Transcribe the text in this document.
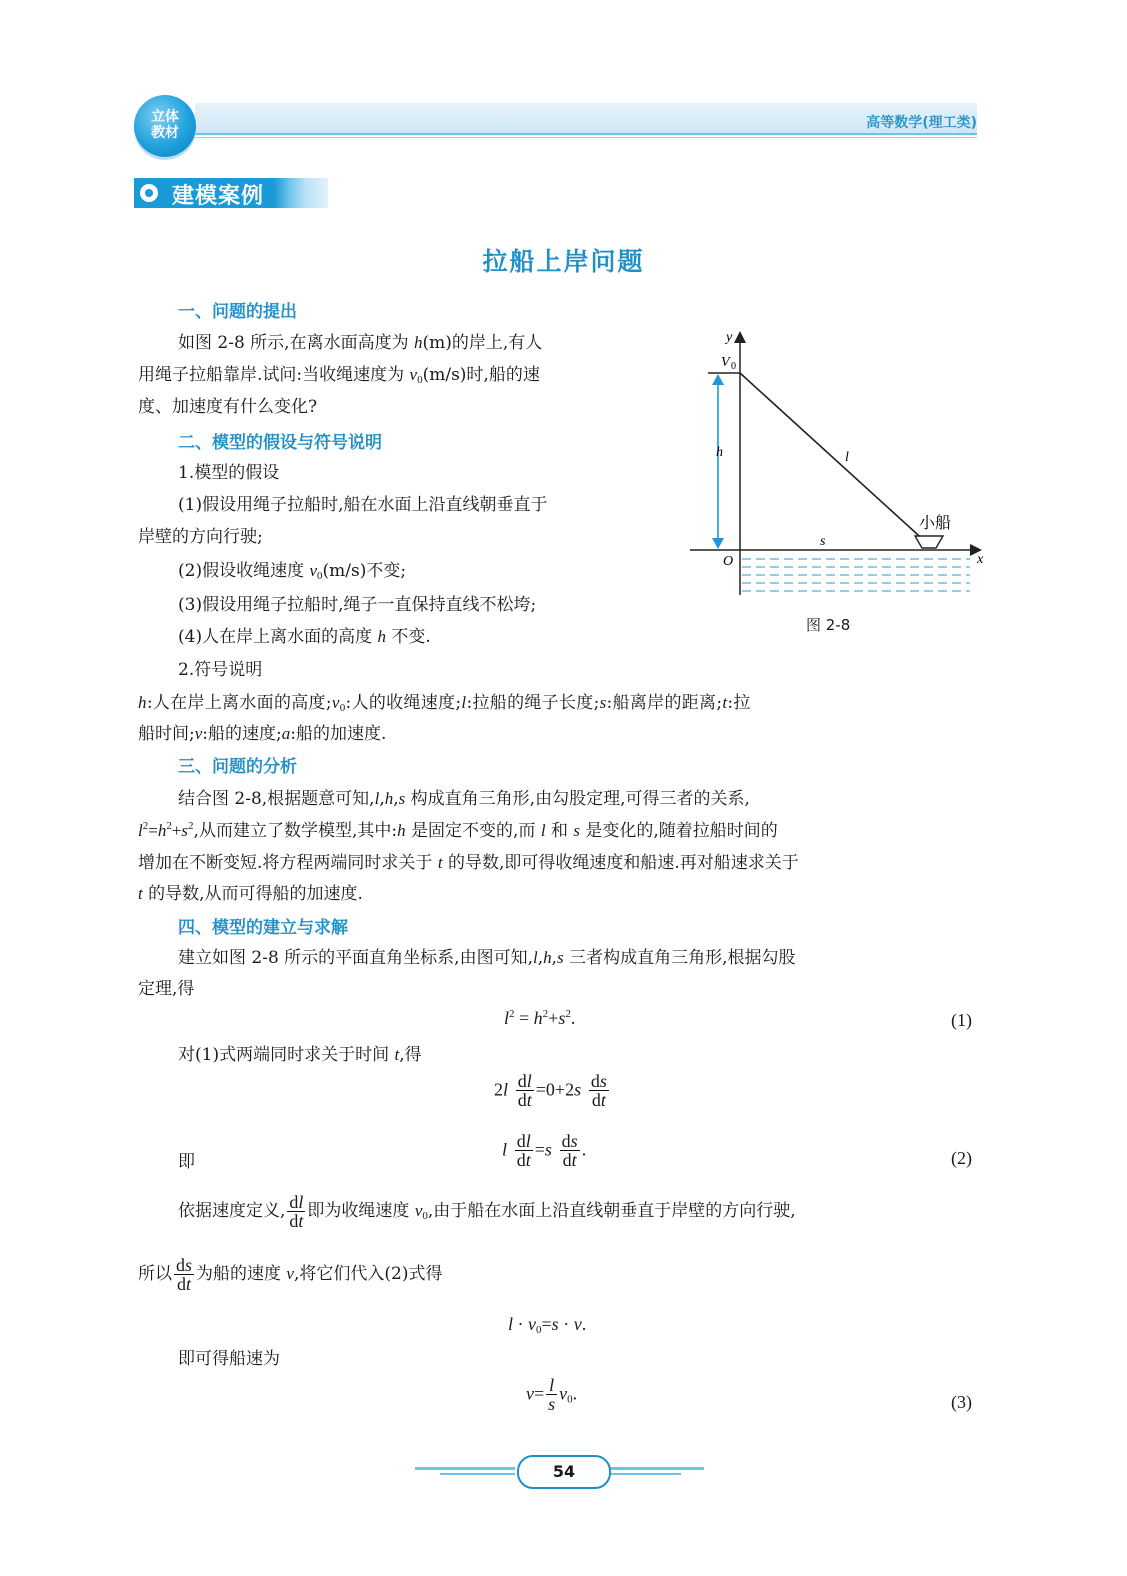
立体
教材
高等数学(理工类)
建模案例
拉船上岸问题
一、问题的提出
如图 2-8 所示,在离水面高度为 h(m)的岸上,有人
用绳子拉船靠岸.试问:当收绳速度为 $v_0(m/s)$时,船的速
度、加速度有什么变化?
二、模型的假设与符号说明
1.模型的假设
(1)假设用绳子拉船时,船在水面上沿直线朝垂直于
岸壁的方向行驶;
(2)假设收绳速度 $v_0(m/s)$不变;
(3)假设用绳子拉船时,绳子一直保持直线不松垮;
(4)人在岸上离水面的高度 h 不变.
2.符号说明
h:人在岸上离水面的高度$;v_0$:人的收绳速度;l:拉船的绳子长度;s:船离岸的距离;t:拉
船时间;v:船的速度;a:船的加速度.
y
V 0
h	l
小船
s
O	x
图 2-8
三、问题的分析
结合图 2-8,根据题意可知,l,h,s 构成直角三角形,由勾股定理,可得三者的关系,
$l^2=h^2+s^2$,从而建立了数学模型,其中:h 是固定不变的,而 l 和 s 是变化的,随着拉船时间的
增加在不断变短.将方程两端同时求关于 t 的导数,即可得收绳速度和船速.再对船速求关于
t 的导数,从而可得船的加速度.
四、模型的建立与求解
建立如图 2-8 所示的平面直角坐标系,由图可知,l,h,s 三者构成直角三角形,根据勾股
定理,得
$l^2 = h^2+s^2$.	(1)
对(1)式两端同时求关于时间 t,得
$2l \frac{dl}{dt} =0+2s \frac{ds}{dt}$
即
l $\frac{dl}{dt} =s \frac{ds}{dt}$ .	(2)
依据速度定义, $\frac{dl}{dt}$ 即为收绳速度 $v_0$,由于船在水面上沿直线朝垂直于岸壁的方向行驶,
所以 $\frac{ds}{dt}$ 为船的速度 v,将它们代入(2)式得
$l \cdot v_0=s \cdot v$.
即可得船速为
$v= \frac{l}{s} v_0$.	(3)
54
